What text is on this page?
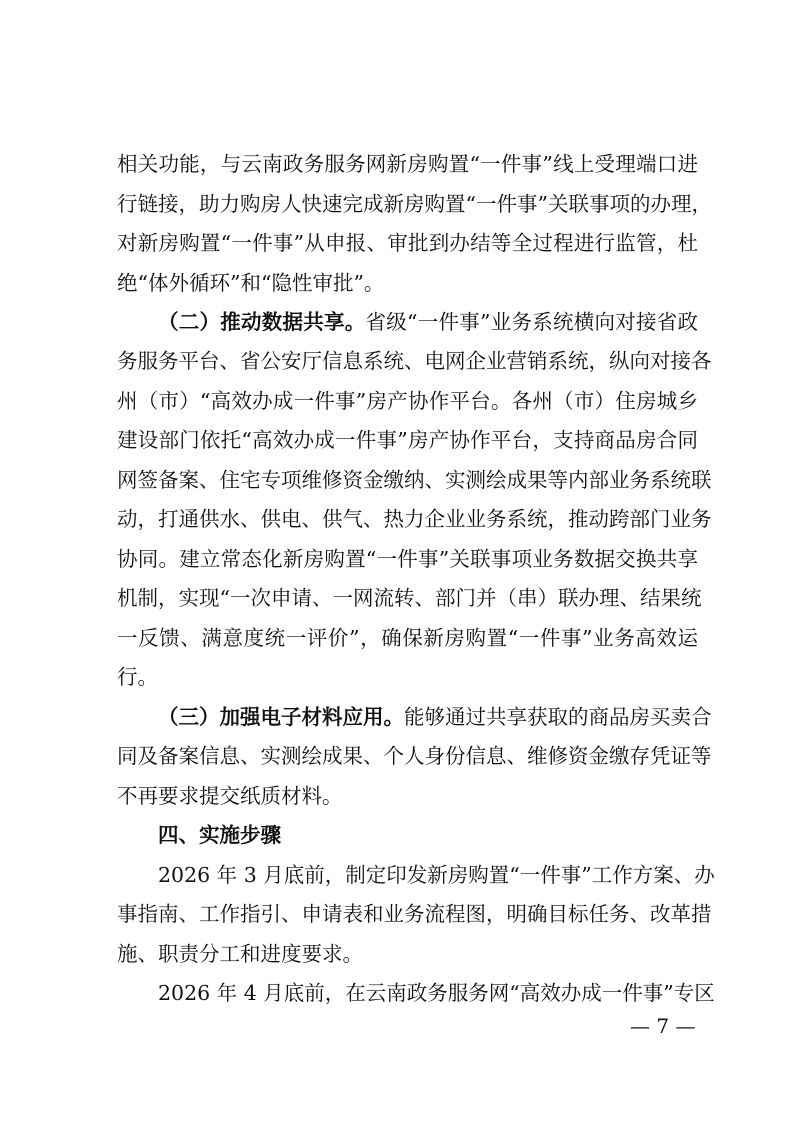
相关功能，与云南政务服务网新房购置“一件事”线上受理端口进
行链接，助力购房人快速完成新房购置“一件事”关联事项的办理，
对新房购置“一件事”从申报、审批到办结等全过程进行监管，杜
绝“体外循环”和“隐性审批”。
（二）推动数据共享。省级“一件事”业务系统横向对接省政
务服务平台、省公安厅信息系统、电网企业营销系统，纵向对接各
州（市）“高效办成一件事”房产协作平台。各州（市）住房城乡
建设部门依托“高效办成一件事”房产协作平台，支持商品房合同
网签备案、住宅专项维修资金缴纳、实测绘成果等内部业务系统联
动，打通供水、供电、供气、热力企业业务系统，推动跨部门业务
协同。建立常态化新房购置“一件事”关联事项业务数据交换共享
机制，实现“一次申请、一网流转、部门并（串）联办理、结果统
一反馈、满意度统一评价”，确保新房购置“一件事”业务高效运
行。
（三）加强电子材料应用。能够通过共享获取的商品房买卖合
同及备案信息、实测绘成果、个人身份信息、维修资金缴存凭证等
不再要求提交纸质材料。
四、实施步骤
2026 年 3 月底前，制定印发新房购置“一件事”工作方案、办
事指南、工作指引、申请表和业务流程图，明确目标任务、改革措
施、职责分工和进度要求。
2026 年 4 月底前，在云南政务服务网“高效办成一件事”专区
— 7 —
